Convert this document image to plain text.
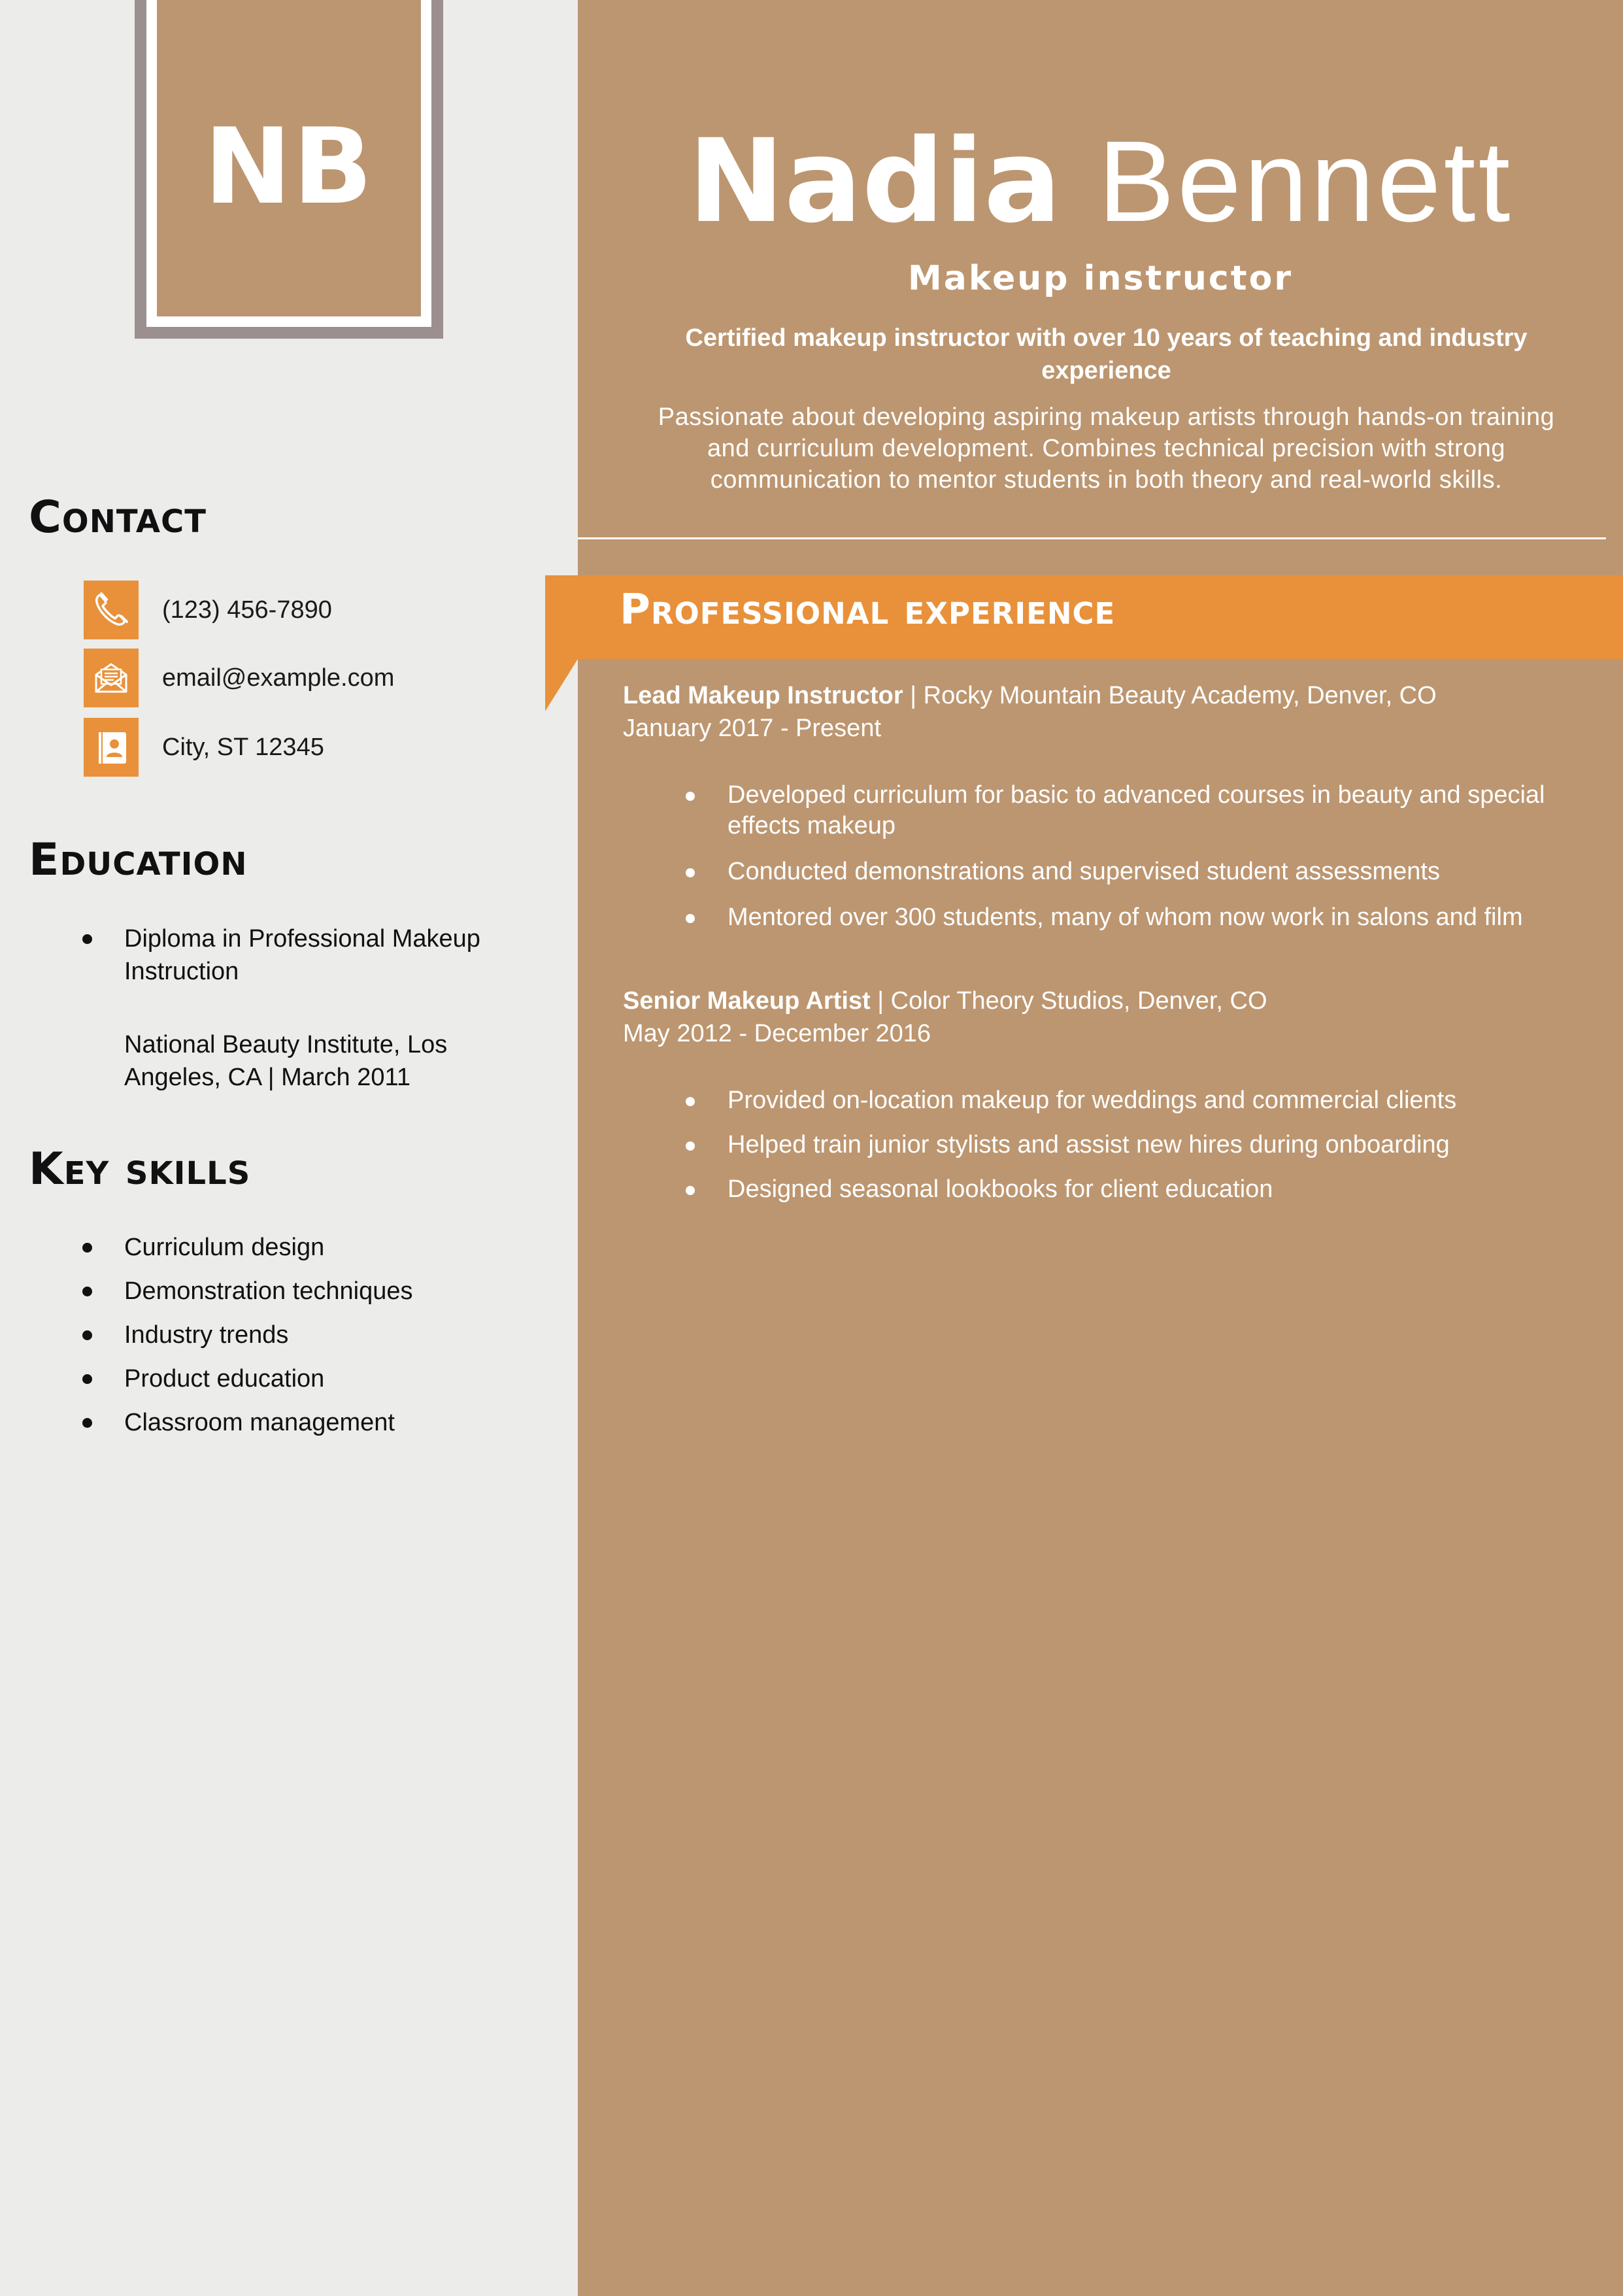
NB
Contact
(123) 456-7890
email@example.com
City, ST 12345
Education
Diploma in Professional Makeup Instruction
National Beauty Institute, Los Angeles, CA | March 2011
Key skills
Curriculum design
Demonstration techniques
Industry trends
Product education
Classroom management
Nadia Bennett
Makeup instructor
Certified makeup instructor with over 10 years of teaching and industry experience
Passionate about developing aspiring makeup artists through hands-on training and curriculum development. Combines technical precision with strong communication to mentor students in both theory and real-world skills.
Professional experience
Lead Makeup Instructor | Rocky Mountain Beauty Academy, Denver, CO
January 2017 - Present
Developed curriculum for basic to advanced courses in beauty and special effects makeup
Conducted demonstrations and supervised student assessments
Mentored over 300 students, many of whom now work in salons and film
Senior Makeup Artist | Color Theory Studios, Denver, CO
May 2012 - December 2016
Provided on-location makeup for weddings and commercial clients
Helped train junior stylists and assist new hires during onboarding
Designed seasonal lookbooks for client education
